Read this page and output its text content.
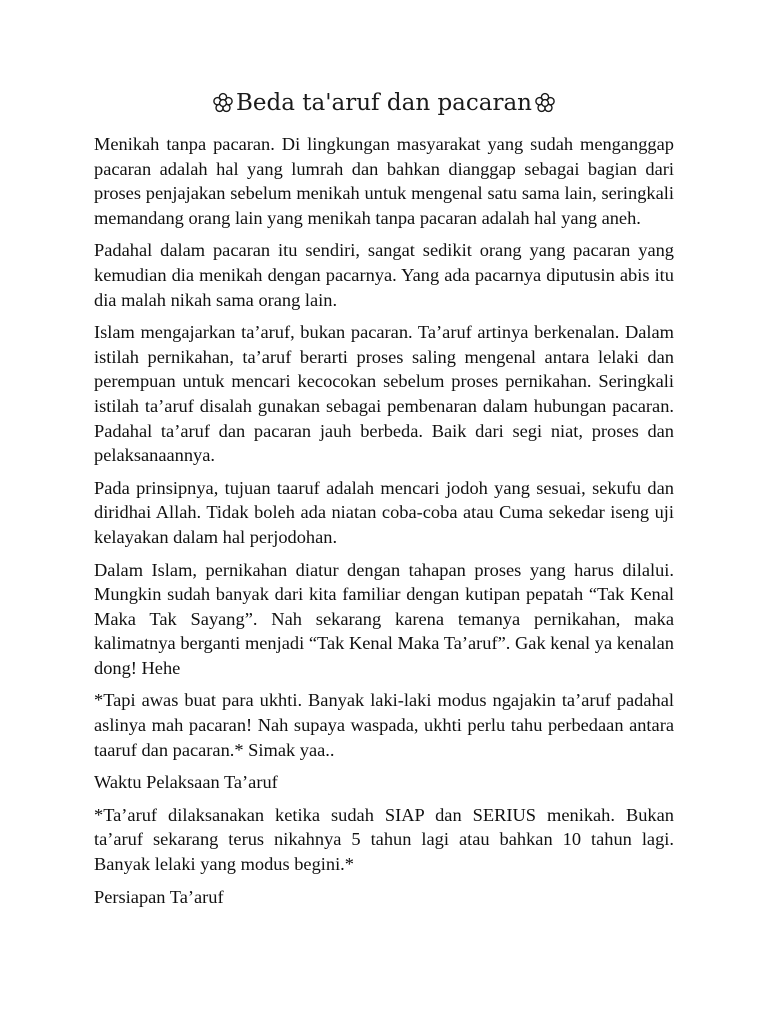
Beda ta'aruf dan pacaran

Menikah tanpa pacaran. Di lingkungan masyarakat yang sudah menganggap pacaran adalah hal yang lumrah dan bahkan dianggap sebagai bagian dari proses penjajakan sebelum menikah untuk mengenal satu sama lain, seringkali memandang orang lain yang menikah tanpa pacaran adalah hal yang aneh.

Padahal dalam pacaran itu sendiri, sangat sedikit orang yang pacaran yang kemudian dia menikah dengan pacarnya. Yang ada pacarnya diputusin abis itu dia malah nikah sama orang lain.

Islam mengajarkan ta’aruf, bukan pacaran. Ta’aruf artinya berkenalan. Dalam istilah pernikahan, ta’aruf berarti proses saling mengenal antara lelaki dan perempuan untuk mencari kecocokan sebelum proses pernikahan. Seringkali istilah ta’aruf disalah gunakan sebagai pembenaran dalam hubungan pacaran. Padahal ta’aruf dan pacaran jauh berbeda. Baik dari segi niat, proses dan pelaksanaannya.

Pada prinsipnya, tujuan taaruf adalah mencari jodoh yang sesuai, sekufu dan diridhai Allah. Tidak boleh ada niatan coba-coba atau Cuma sekedar iseng uji kelayakan dalam hal perjodohan.

Dalam Islam, pernikahan diatur dengan tahapan proses yang harus dilalui. Mungkin sudah banyak dari kita familiar dengan kutipan pepatah “Tak Kenal Maka Tak Sayang”. Nah sekarang karena temanya pernikahan, maka kalimatnya berganti menjadi “Tak Kenal Maka Ta’aruf”. Gak kenal ya kenalan dong! Hehe

*Tapi awas buat para ukhti. Banyak laki-laki modus ngajakin ta’aruf padahal aslinya mah pacaran! Nah supaya waspada, ukhti perlu tahu perbedaan antara taaruf dan pacaran.* Simak yaa..

Waktu Pelaksaan Ta’aruf

*Ta’aruf dilaksanakan ketika sudah SIAP dan SERIUS menikah. Bukan ta’aruf sekarang terus nikahnya 5 tahun lagi atau bahkan 10 tahun lagi. Banyak lelaki yang modus begini.*

Persiapan Ta’aruf
